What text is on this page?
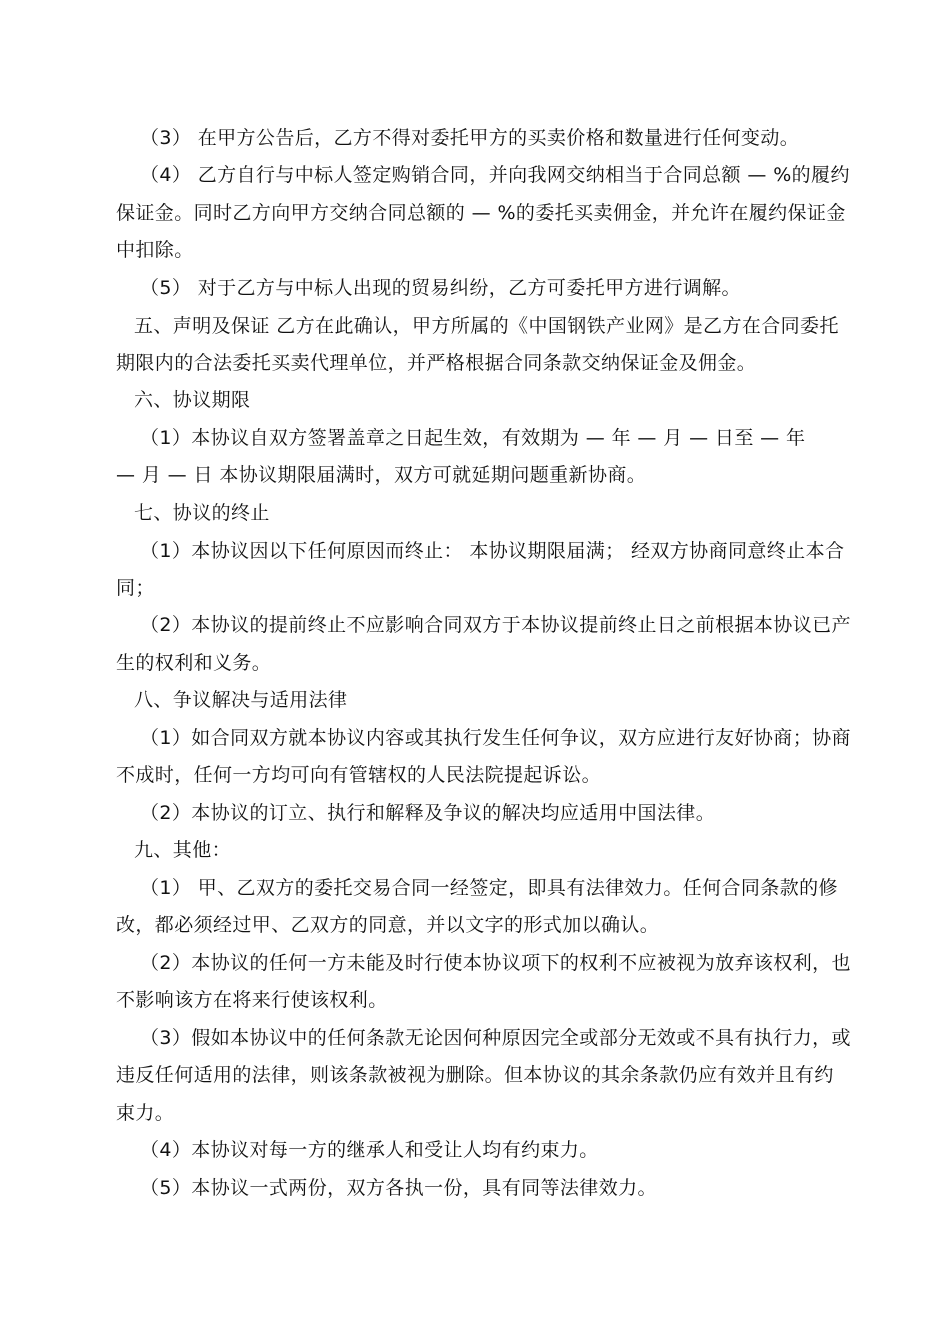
（3） 在甲方公告后，乙方不得对委托甲方的买卖价格和数量进行任何变动。
（4） 乙方自行与中标人签定购销合同，并向我网交纳相当于合同总额 — %的履约
保证金。同时乙方向甲方交纳合同总额的 — %的委托买卖佣金，并允许在履约保证金
中扣除。
（5） 对于乙方与中标人出现的贸易纠纷，乙方可委托甲方进行调解。
五、声明及保证 乙方在此确认，甲方所属的《中国钢铁产业网》是乙方在合同委托
期限内的合法委托买卖代理单位，并严格根据合同条款交纳保证金及佣金。
六、协议期限
（1）本协议自双方签署盖章之日起生效，有效期为 — 年 — 月 — 日至 — 年
— 月 — 日 本协议期限届满时，双方可就延期问题重新协商。
七、协议的终止
（1）本协议因以下任何原因而终止： 本协议期限届满； 经双方协商同意终止本合
同；
（2）本协议的提前终止不应影响合同双方于本协议提前终止日之前根据本协议已产
生的权利和义务。
八、争议解决与适用法律
（1）如合同双方就本协议内容或其执行发生任何争议，双方应进行友好协商；协商
不成时，任何一方均可向有管辖权的人民法院提起诉讼。
（2）本协议的订立、执行和解释及争议的解决均应适用中国法律。
九、其他：
（1） 甲、乙双方的委托交易合同一经签定，即具有法律效力。任何合同条款的修
改，都必须经过甲、乙双方的同意，并以文字的形式加以确认。
（2）本协议的任何一方未能及时行使本协议项下的权利不应被视为放弃该权利，也
不影响该方在将来行使该权利。
（3）假如本协议中的任何条款无论因何种原因完全或部分无效或不具有执行力，或
违反任何适用的法律，则该条款被视为删除。但本协议的其余条款仍应有效并且有约
束力。
（4）本协议对每一方的继承人和受让人均有约束力。
（5）本协议一式两份，双方各执一份，具有同等法律效力。
